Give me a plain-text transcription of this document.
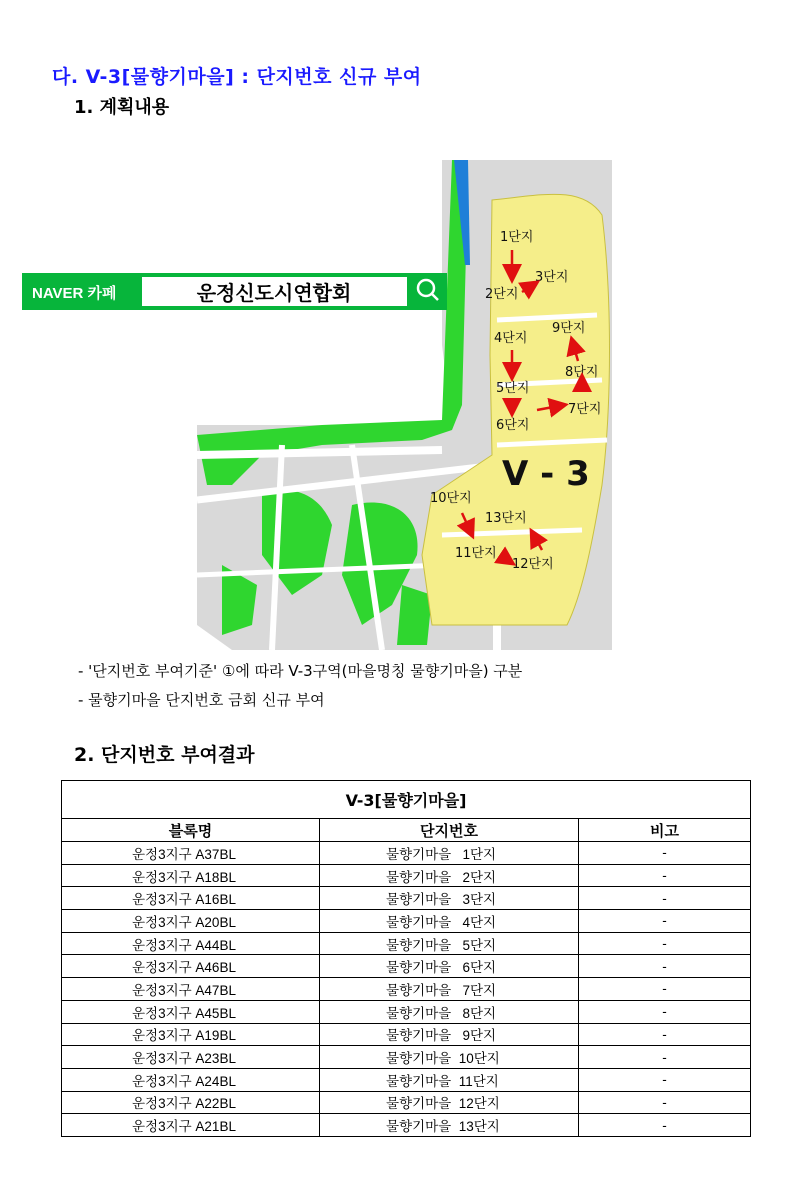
다. V-3[물향기마을] : 단지번호 신규 부여
1. 계획내용
NAVER 카페	운정신도시연합회
V - 3
1단지
2단지
3단지
4단지
5단지
6단지
7단지
8단지
9단지
10단지
11단지
12단지
13단지
- '단지번호 부여기준' ①에 따라 V-3구역(마을명칭 물향기마을) 구분
- 물향기마을 단지번호 금회 신규 부여
2. 단지번호 부여결과
V-3[물향기마을]		
블록명	단지번호	비고
운정3지구 A37BL	물향기마을   1단지	-
운정3지구 A18BL	물향기마을   2단지	-
운정3지구 A16BL	물향기마을   3단지	-
운정3지구 A20BL	물향기마을   4단지	-
운정3지구 A44BL	물향기마을   5단지	-
운정3지구 A46BL	물향기마을   6단지	-
운정3지구 A47BL	물향기마을   7단지	-
운정3지구 A45BL	물향기마을   8단지	-
운정3지구 A19BL	물향기마을   9단지	-
운정3지구 A23BL	물향기마을  10단지	-
운정3지구 A24BL	물향기마을  11단지	-
운정3지구 A22BL	물향기마을  12단지	-
운정3지구 A21BL	물향기마을  13단지	-
